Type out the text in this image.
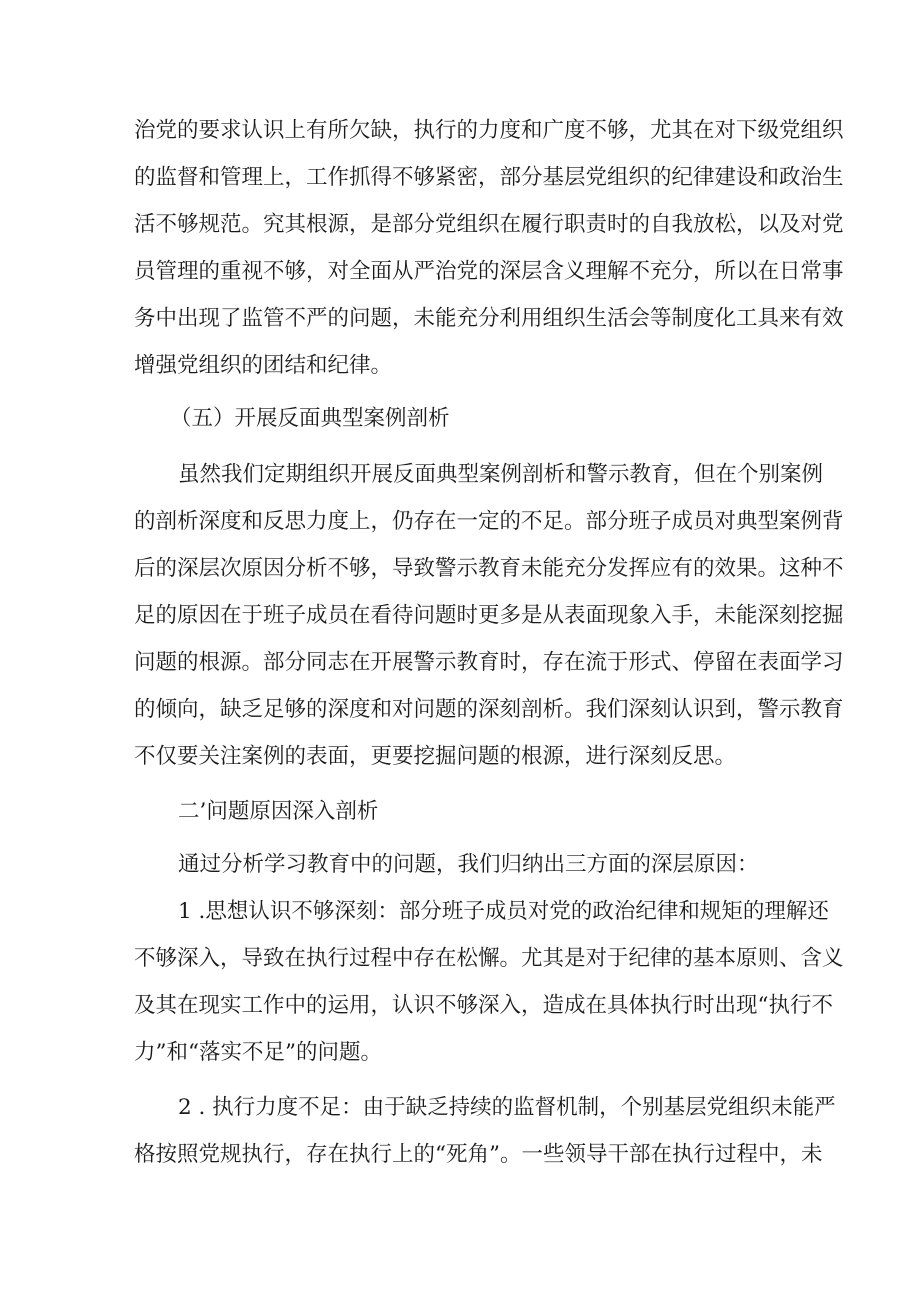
治党的要求认识上有所欠缺，执行的力度和广度不够，尤其在对下级党组织
的监督和管理上，工作抓得不够紧密，部分基层党组织的纪律建设和政治生
活不够规范。究其根源，是部分党组织在履行职责时的自我放松，以及对党
员管理的重视不够，对全面从严治党的深层含义理解不充分，所以在日常事
务中出现了监管不严的问题，未能充分利用组织生活会等制度化工具来有效
增强党组织的团结和纪律。
（五）开展反面典型案例剖析
虽然我们定期组织开展反面典型案例剖析和警示教育，但在个别案例
的剖析深度和反思力度上，仍存在一定的不足。部分班子成员对典型案例背
后的深层次原因分析不够，导致警示教育未能充分发挥应有的效果。这种不
足的原因在于班子成员在看待问题时更多是从表面现象入手，未能深刻挖掘
问题的根源。部分同志在开展警示教育时，存在流于形式、停留在表面学习
的倾向，缺乏足够的深度和对问题的深刻剖析。我们深刻认识到，警示教育
不仅要关注案例的表面，更要挖掘问题的根源，进行深刻反思。
二’问题原因深入剖析
通过分析学习教育中的问题，我们归纳出三方面的深层原因：
1 .思想认识不够深刻：部分班子成员对党的政治纪律和规矩的理解还
不够深入，导致在执行过程中存在松懈。尤其是对于纪律的基本原则、含义
及其在现实工作中的运用，认识不够深入，造成在具体执行时出现“执行不
力”和“落实不足”的问题。
2 . 执行力度不足：由于缺乏持续的监督机制，个别基层党组织未能严
格按照党规执行，存在执行上的“死角”。一些领导干部在执行过程中，未
